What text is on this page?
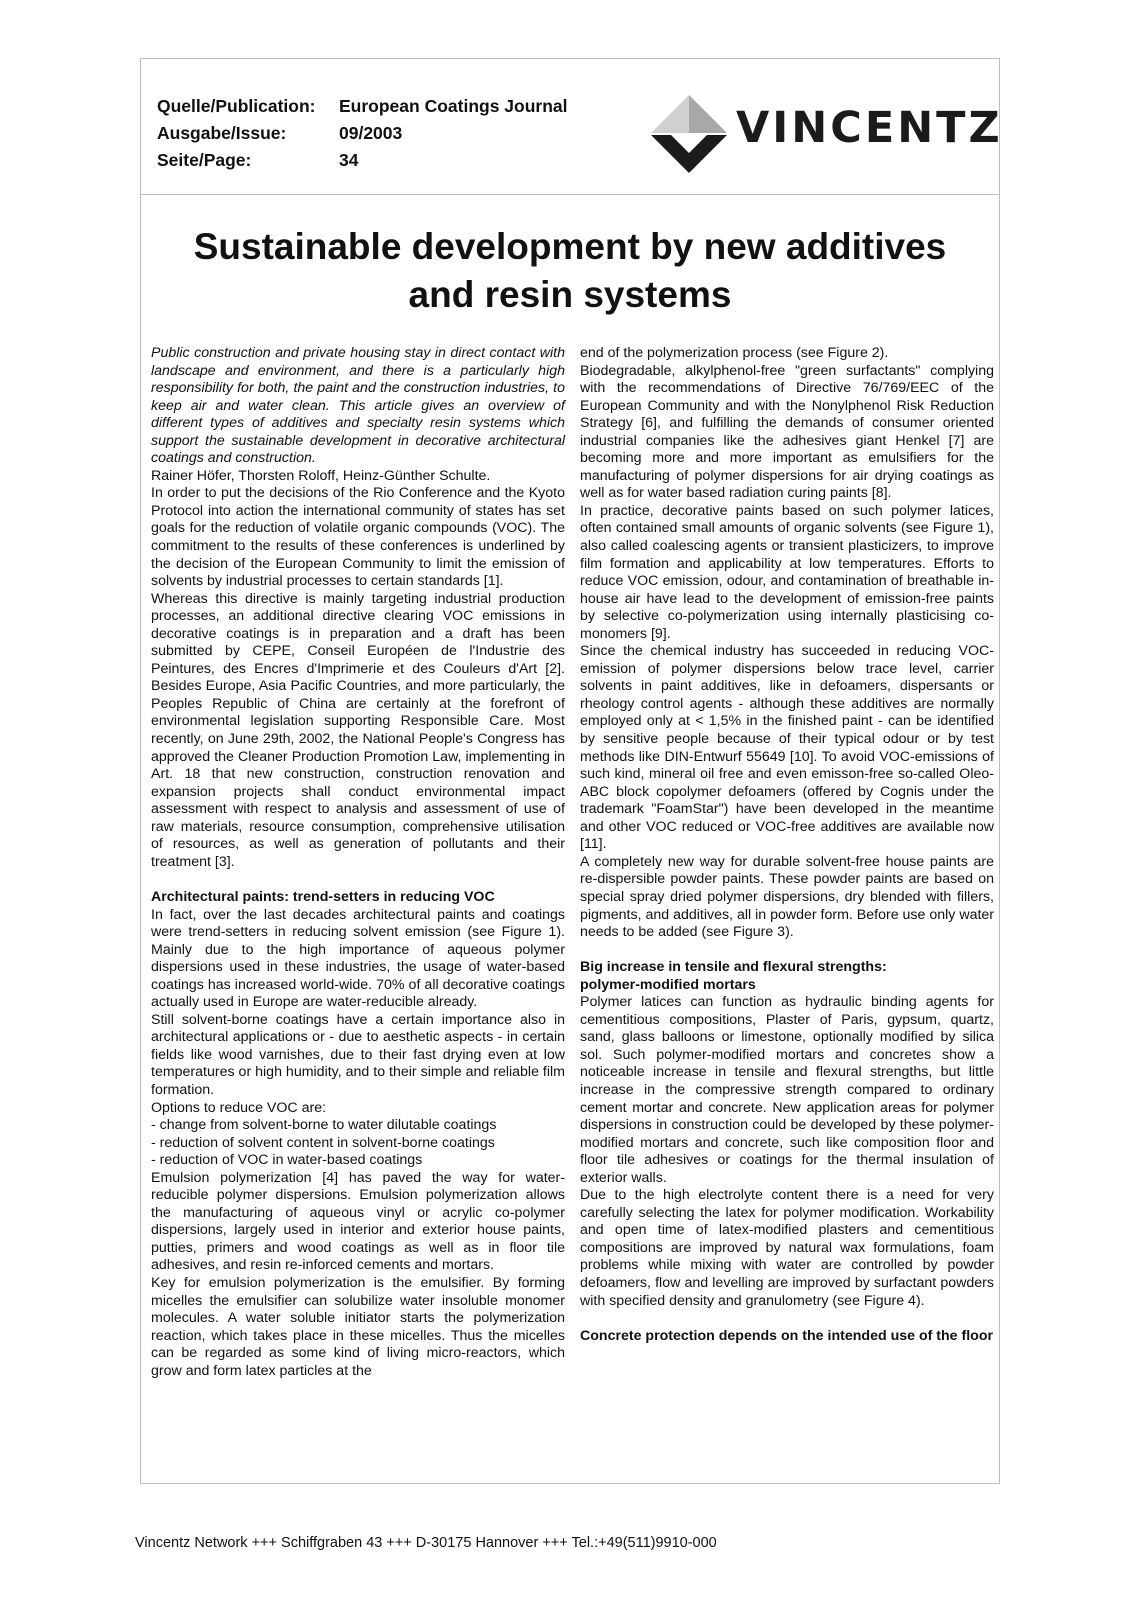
Quelle/Publication:	European Coatings Journal
Ausgabe/Issue:	09/2003
Seite/Page:	34
VINCENTZ
Sustainable development by new additives
and resin systems

Public construction and private housing stay in direct contact with landscape and environment, and there is a particularly high responsibility for both, the paint and the construction industries, to keep air and water clean. This article gives an overview of different types of additives and specialty resin systems which support the sustainable development in decorative architectural coatings and construction.

Rainer Höfer, Thorsten Roloff, Heinz-Günther Schulte.

In order to put the decisions of the Rio Conference and the Kyoto Protocol into action the international community of states has set goals for the reduction of volatile organic compounds (VOC). The commitment to the results of these conferences is underlined by the decision of the European Community to limit the emission of solvents by industrial processes to certain standards [1].

Whereas this directive is mainly targeting industrial production processes, an additional directive clearing VOC emissions in decorative coatings is in preparation and a draft has been submitted by CEPE, Conseil Européen de l'Industrie des Peintures, des Encres d'Imprimerie et des Couleurs d'Art [2]. Besides Europe, Asia Pacific Countries, and more particularly, the Peoples Republic of China are certainly at the forefront of environmental legislation supporting Responsible Care. Most recently, on June 29th, 2002, the National People's Congress has approved the Cleaner Production Promotion Law, implementing in Art. 18 that new construction, construction renovation and expansion projects shall conduct environmental impact assessment with respect to analysis and assessment of use of raw materials, resource consumption, comprehensive utilisation of resources, as well as generation of pollutants and their treatment [3].

Architectural paints: trend-setters in reducing VOC

In fact, over the last decades architectural paints and coatings were trend-setters in reducing solvent emission (see Figure 1). Mainly due to the high importance of aqueous polymer dispersions used in these industries, the usage of water-based coatings has increased world-wide. 70% of all decorative coatings actually used in Europe are water-reducible already.

Still solvent-borne coatings have a certain importance also in architectural applications or - due to aesthetic aspects - in certain fields like wood varnishes, due to their fast drying even at low temperatures or high humidity, and to their simple and reliable film formation.

Options to reduce VOC are:

- change from solvent-borne to water dilutable coatings

- reduction of solvent content in solvent-borne coatings

- reduction of VOC in water-based coatings

Emulsion polymerization [4] has paved the way for water-reducible polymer dispersions. Emulsion polymerization allows the manufacturing of aqueous vinyl or acrylic co-polymer dispersions, largely used in interior and exterior house paints, putties, primers and wood coatings as well as in floor tile adhesives, and resin re-inforced cements and mortars.

Key for emulsion polymerization is the emulsifier. By forming micelles the emulsifier can solubilize water insoluble monomer molecules. A water soluble initiator starts the polymerization reaction, which takes place in these micelles. Thus the micelles can be regarded as some kind of living micro-reactors, which grow and form latex particles at the

end of the polymerization process (see Figure 2).

Biodegradable, alkylphenol-free "green surfactants" complying with the recommendations of Directive 76/769/EEC of the European Community and with the Nonylphenol Risk Reduction Strategy [6], and fulfilling the demands of consumer oriented industrial companies like the adhesives giant Henkel [7] are becoming more and more important as emulsifiers for the manufacturing of polymer dispersions for air drying coatings as well as for water based radiation curing paints [8].

In practice, decorative paints based on such polymer latices, often contained small amounts of organic solvents (see Figure 1), also called coalescing agents or transient plasticizers, to improve film formation and applicability at low temperatures. Efforts to reduce VOC emission, odour, and contamination of breathable in-house air have lead to the development of emission-free paints by selective co-polymerization using internally plasticising co-monomers [9].

Since the chemical industry has succeeded in reducing VOC-emission of polymer dispersions below trace level, carrier solvents in paint additives, like in defoamers, dispersants or rheology control agents - although these additives are normally employed only at < 1,5% in the finished paint - can be identified by sensitive people because of their typical odour or by test methods like DIN-Entwurf 55649 [10]. To avoid VOC-emissions of such kind, mineral oil free and even emisson-free so-called Oleo-ABC block copolymer defoamers (offered by Cognis under the trademark "FoamStar") have been developed in the meantime and other VOC reduced or VOC-free additives are available now [11].

A completely new way for durable solvent-free house paints are re-dispersible powder paints. These powder paints are based on special spray dried polymer dispersions, dry blended with fillers, pigments, and additives, all in powder form. Before use only water needs to be added (see Figure 3).

Big increase in tensile and flexural strengths:
polymer-modified mortars

Polymer latices can function as hydraulic binding agents for cementitious compositions, Plaster of Paris, gypsum, quartz, sand, glass balloons or limestone, optionally modified by silica sol. Such polymer-modified mortars and concretes show a noticeable increase in tensile and flexural strengths, but little increase in the compressive strength compared to ordinary cement mortar and concrete. New application areas for polymer dispersions in construction could be developed by these polymer-modified mortars and concrete, such like composition floor and floor tile adhesives or coatings for the thermal insulation of exterior walls.

Due to the high electrolyte content there is a need for very carefully selecting the latex for polymer modification. Workability and open time of latex-modified plasters and cementitious compositions are improved by natural wax formulations, foam problems while mixing with water are controlled by powder defoamers, flow and levelling are improved by surfactant powders with specified density and granulometry (see Figure 4).

Concrete protection depends on the intended use of the floor
Vincentz Network +++ Schiffgraben 43 +++ D-30175 Hannover +++ Tel.:+49(511)9910-000
